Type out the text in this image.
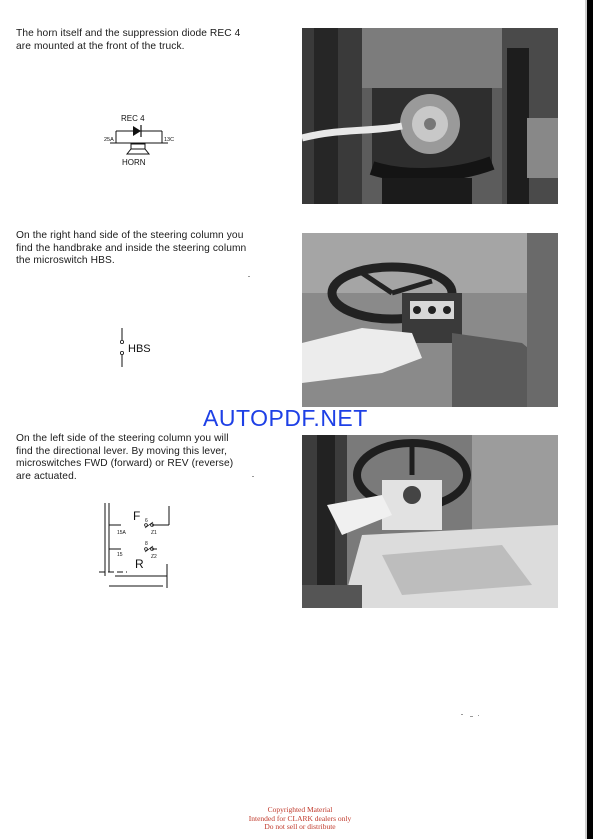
The horn itself and the suppression diode REC 4
are mounted at the front of the truck.
REC 4
25A	13C
HORN
On the right hand side of the steering column you
find the handbrake and inside the steering column
the microswitch HBS.
HBS
AUTOPDF.NET
On the left side of the steering column you will
find the directional lever. By moving this lever,
microswitches FWD (forward) or REV (reverse)
are actuated.
F
15A
6
Z1
15
8
Z2
R
Copyrighted Material
Intended for CLARK dealers only
Do not sell or distribute
